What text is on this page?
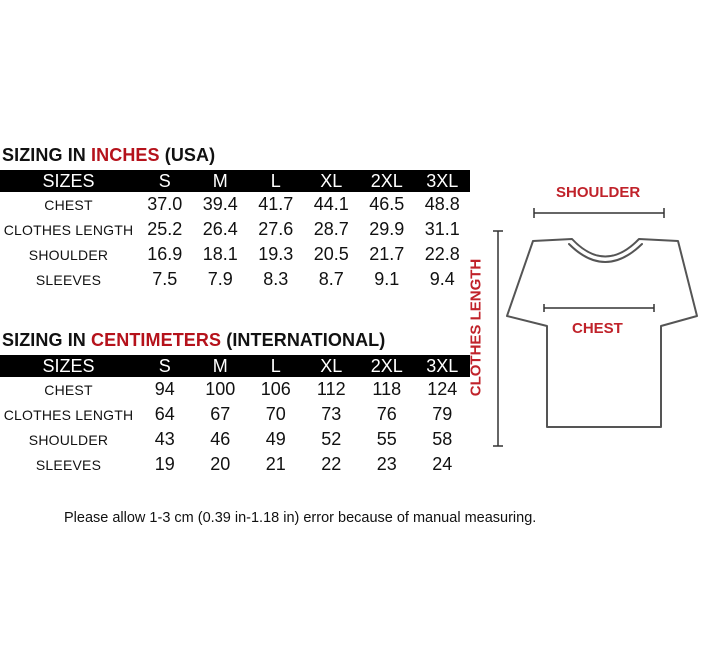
SIZING IN INCHES (USA)
SIZES	S	M	L	XL	2XL	3XL
CHEST	37.0	39.4	41.7	44.1	46.5	48.8
CLOTHES LENGTH	25.2	26.4	27.6	28.7	29.9	31.1
SHOULDER	16.9	18.1	19.3	20.5	21.7	22.8
SLEEVES	7.5	7.9	8.3	8.7	9.1	9.4
SIZING IN CENTIMETERS (INTERNATIONAL)
SIZES	S	M	L	XL	2XL	3XL
CHEST	94	100	106	112	118	124
CLOTHES LENGTH	64	67	70	73	76	79
SHOULDER	43	46	49	52	55	58
SLEEVES	19	20	21	22	23	24
SHOULDER
CHEST
CLOTHES LENGTH
Please allow 1-3 cm (0.39 in-1.18 in) error because of manual measuring.
